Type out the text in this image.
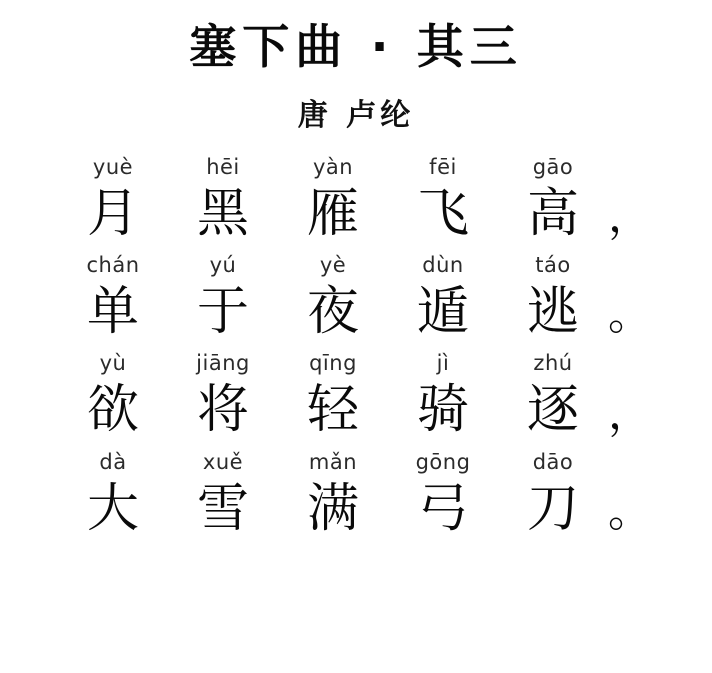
塞下曲 · 其三
唐 卢纶
yuè
月
hēi
黑
yàn
雁
fēi
飞
gāo
高 ，
chán
单
yú
于
yè
夜
dùn
遁
táo
逃 。
yù
欲
jiāng
将
qīng
轻
jì
骑
zhú
逐 ，
dà
大
xuě
雪
mǎn
满
gōng
弓
dāo
刀 。
